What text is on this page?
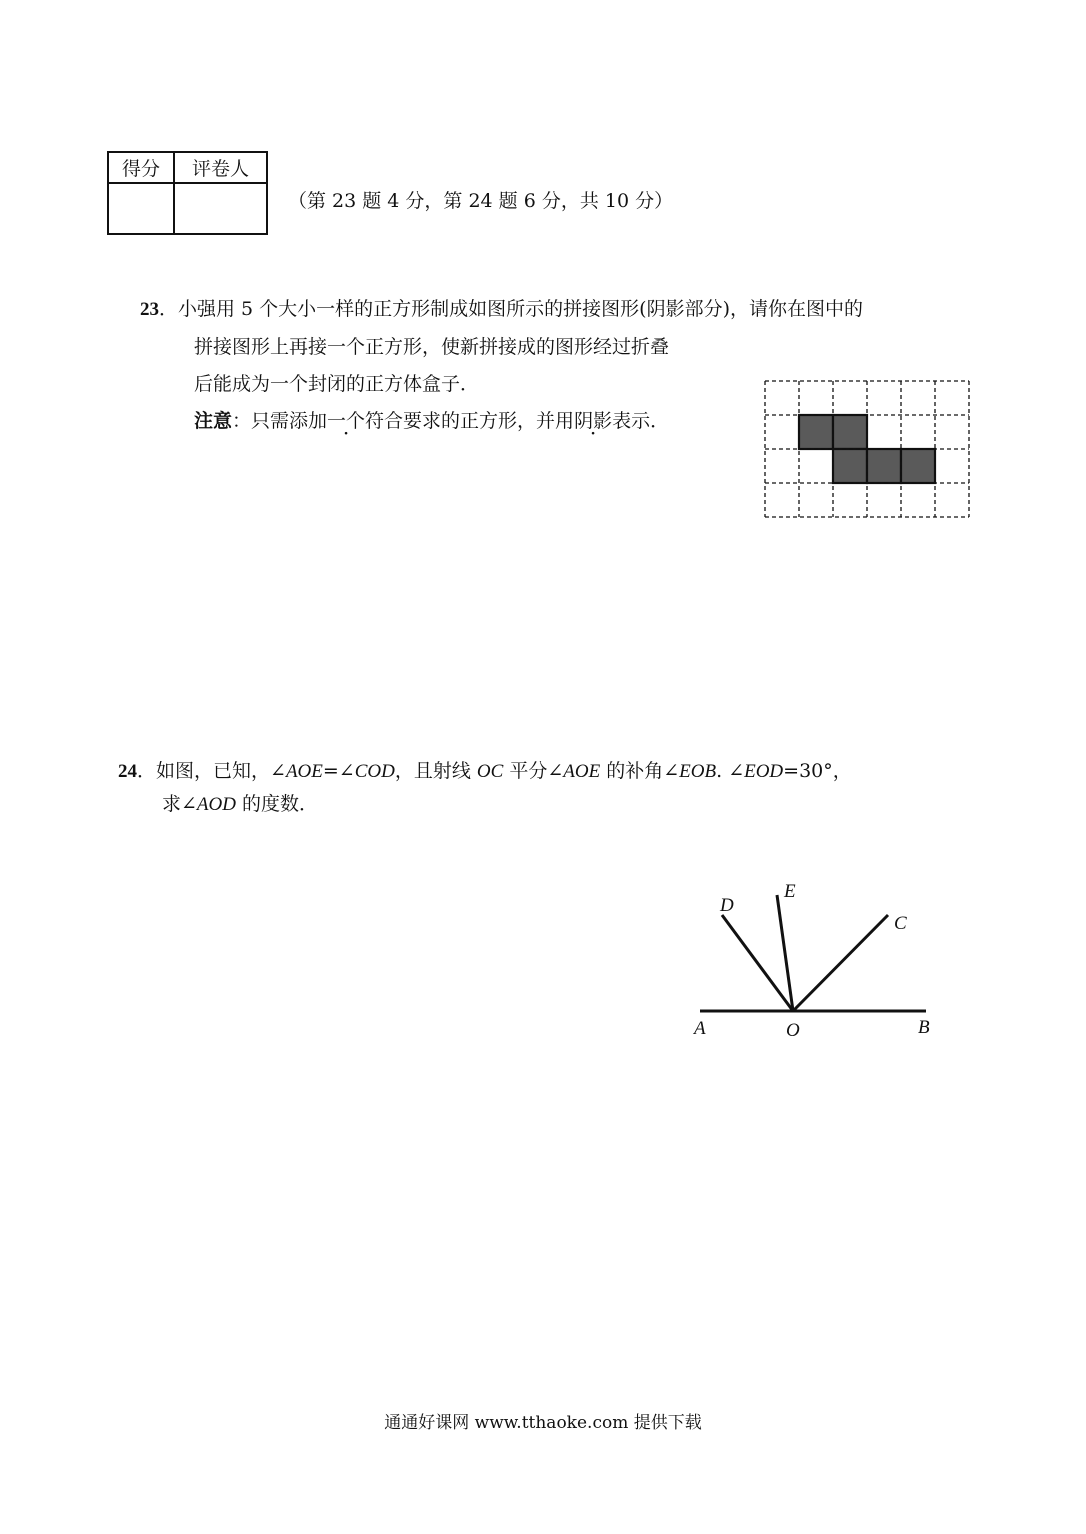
得分	评卷人

（第 23 题 4 分，第 24 题 6 分，共 10 分）
23．小强用 5 个大小一样的正方形制成如图所示的拼接图形(阴影部分)，请你在图中的
拼接图形上再接一个正方形，使新拼接成的图形经过折叠
后能成为一个封闭的正方体盒子．
注意：只需添加一个符合要求的正方形，并用阴影表示．
24．如图，已知，∠AOE=∠COD，且射线 OC 平分∠AOE 的补角∠EOB. ∠EOD=30°，
求∠AOD 的度数．
A	O	B
C
D
E
通通好课网 www.tthaoke.com 提供下载
